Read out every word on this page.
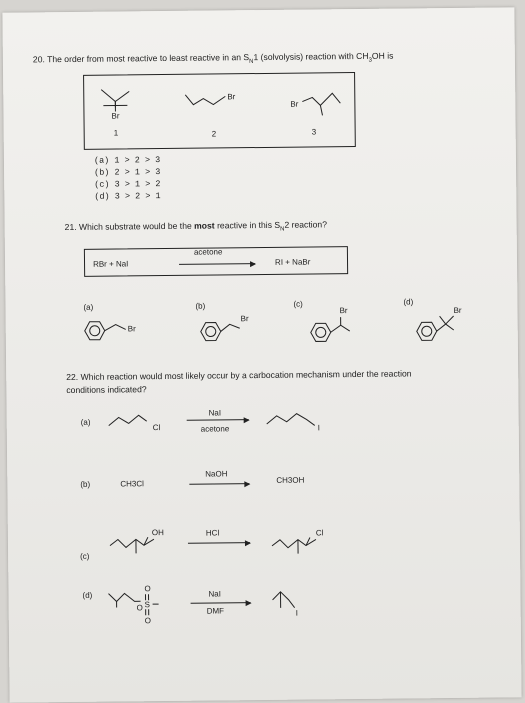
20. The order from most reactive to least reactive in an $S_N1$ (solvolysis) reaction with $CH_3OH$ is
Br
1
Br
2
Br
3
(a) 1 > 2 > 3
(b) 2 > 1 > 3
(c) 3 > 1 > 2
(d) 3 > 2 > 1
21. Which substrate would be the most reactive in this $S_N2$ reaction?
RBr + NaI
acetone
RI + NaBr
(a)	(b)	(c)	(d)
Br
Br
Br	Br
22. Which reaction would most likely occur by a carbocation mechanism under the reaction
conditions indicated?
(a)
Cl
NaI
acetone	I
(b)	CH3Cl
NaOH
CH3OH
(c)
OH	HCl	Cl
(d)
O
O
S
O
NaI
DMF	I
